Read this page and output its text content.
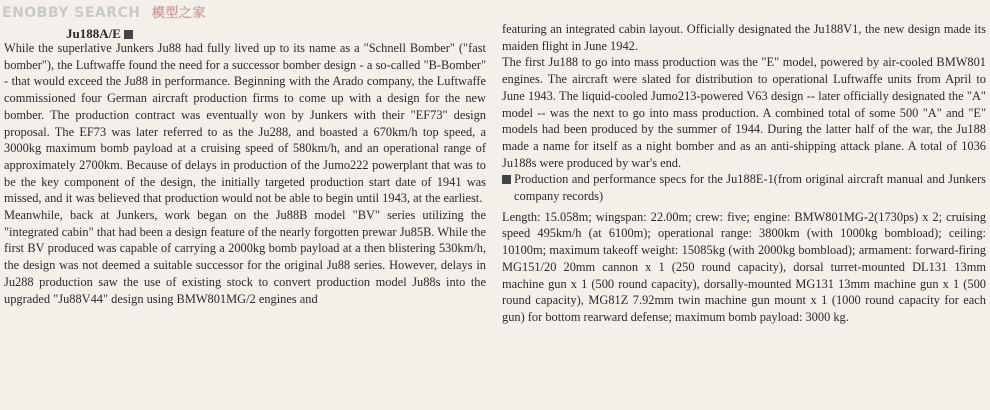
ENOBBY SEARCH 模型之家
Ju188A/E

While the superlative Junkers Ju88 had fully lived up to its name as a "Schnell Bomber" ("fast bomber"), the Luftwaffe found the need for a successor bomber design - a so-called "B-Bomber" - that would exceed the Ju88 in performance. Beginning with the Arado company, the Luftwaffe commissioned four German aircraft production firms to come up with a design for the new bomber. The production contract was eventually won by Junkers with their "EF73" design proposal. The EF73 was later referred to as the Ju288, and boasted a 670km/h top speed, a 3000kg maximum bomb payload at a cruising speed of 580km/h, and an operational range of approximately 2700km. Because of delays in production of the Jumo222 powerplant that was to be the key component of the design, the initially targeted production start date of 1941 was missed, and it was believed that production would not be able to begin until 1943, at the earliest.

Meanwhile, back at Junkers, work began on the Ju88B model "BV" series utilizing the "integrated cabin" that had been a design feature of the nearly forgotten prewar Ju85B. While the first BV produced was capable of carrying a 2000kg bomb payload at a then blistering 530km/h, the design was not deemed a suitable successor for the original Ju88 series. However, delays in Ju288 production saw the use of existing stock to convert production model Ju88s into the upgraded "Ju88V44" design using BMW801MG/2 engines and

featuring an integrated cabin layout. Officially designated the Ju188V1, the new design made its maiden flight in June 1942.

The first Ju188 to go into mass production was the "E" model, powered by air-cooled BMW801 engines. The aircraft were slated for distribution to operational Luftwaffe units from April to June 1943. The liquid-cooled Jumo213-powered V63 design -- later officially designated the "A" model -- was the next to go into mass production. A combined total of some 500 "A" and "E" models had been produced by the summer of 1944. During the latter half of the war, the Ju188 made a name for itself as a night bomber and as an anti-shipping attack plane. A total of 1036 Ju188s were produced by war's end.

Production and performance specs for the Ju188E-1(from original aircraft manual and Junkers company records)

Length: 15.058m; wingspan: 22.00m; crew: five; engine: BMW801MG-2(1730ps) x 2; cruising speed 495km/h (at 6100m); operational range: 3800km (with 1000kg bombload); ceiling: 10100m; maximum takeoff weight: 15085kg (with 2000kg bombload); armament: forward-firing MG151/20 20mm cannon x 1 (250 round capacity), dorsal turret-mounted DL131 13mm machine gun x 1 (500 round capacity), dorsally-mounted MG131 13mm machine gun x 1 (500 round capacity), MG81Z 7.92mm twin machine gun mount x 1 (1000 round capacity for each gun) for bottom rearward defense; maximum bomb payload: 3000 kg.
